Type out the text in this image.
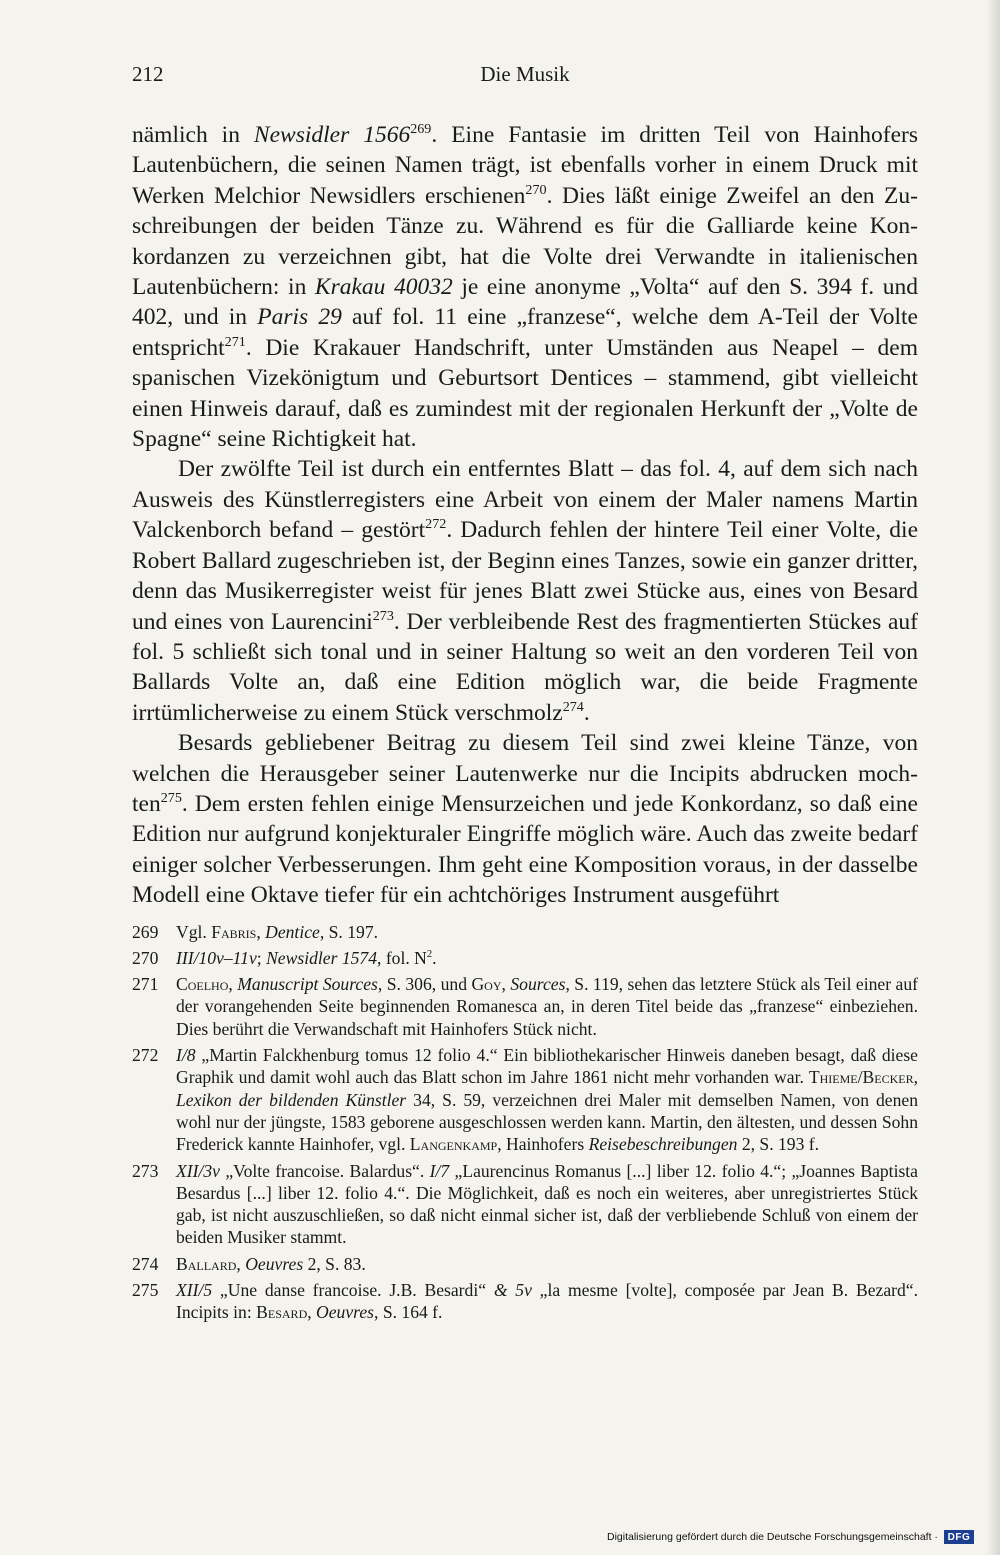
212	Die Musik

nämlich in Newsidler 1566$^{269}$. Eine Fantasie im dritten Teil von Hainhofers Lautenbüchern, die seinen Namen trägt, ist ebenfalls vorher in einem Druck mit Werken Melchior Newsidlers erschienen$^{270}$. Dies läßt einige Zweifel an den Zuschreibungen der beiden Tänze zu. Während es für die Galliarde keine Konkordanzen zu verzeichnen gibt, hat die Volte drei Verwandte in italienischen Lautenbüchern: in Krakau 40032 je eine anonyme „Volta“ auf den S. 394 f. und 402, und in Paris 29 auf fol. 11 eine „franzese“, welche dem A-Teil der Volte entspricht$^{271}$. Die Krakauer Handschrift, unter Umständen aus Neapel – dem spanischen Vizekönigtum und Geburtsort Dentices – stammend, gibt vielleicht einen Hinweis darauf, daß es zumindest mit der regionalen Herkunft der „Volte de Spagne“ seine Richtigkeit hat.

Der zwölfte Teil ist durch ein entferntes Blatt – das fol. 4, auf dem sich nach Ausweis des Künstlerregisters eine Arbeit von einem der Maler namens Martin Valckenborch befand – gestört$^{272}$. Dadurch fehlen der hintere Teil einer Volte, die Robert Ballard zugeschrieben ist, der Beginn eines Tanzes, sowie ein ganzer dritter, denn das Musikerregister weist für jenes Blatt zwei Stücke aus, eines von Besard und eines von Laurencini$^{273}$. Der verbleibende Rest des fragmentierten Stückes auf fol. 5 schließt sich tonal und in seiner Haltung so weit an den vorderen Teil von Ballards Volte an, daß eine Edition möglich war, die beide Fragmente irrtümlicherweise zu einem Stück verschmolz$^{274}$.

Besards gebliebener Beitrag zu diesem Teil sind zwei kleine Tänze, von welchen die Herausgeber seiner Lautenwerke nur die Incipits abdrucken mochten$^{275}$. Dem ersten fehlen einige Mensurzeichen und jede Konkordanz, so daß eine Edition nur aufgrund konjekturaler Eingriffe möglich wäre. Auch das zweite bedarf einiger solcher Verbesserungen. Ihm geht eine Komposition voraus, in der dasselbe Modell eine Oktave tiefer für ein achtchöriges Instrument ausgeführt

269	Vgl. Fabris, Dentice, S. 197.
270	III/10v–11v; Newsidler 1574, fol. $N^2$.
271	Coelho, Manuscript Sources, S. 306, und Goy, Sources, S. 119, sehen das letztere Stück als Teil einer auf der vorangehenden Seite beginnenden Romanesca an, in deren Titel beide das „franzese“ einbeziehen. Dies berührt die Verwandschaft mit Hainhofers Stück nicht.
272	I/8 „Martin Falckhenburg tomus 12 folio 4.“ Ein bibliothekarischer Hinweis daneben besagt, daß diese Graphik und damit wohl auch das Blatt schon im Jahre 1861 nicht mehr vorhanden war. Thieme/Becker, Lexikon der bildenden Künstler 34, S. 59, verzeichnen drei Maler mit demselben Namen, von denen wohl nur der jüngste, 1583 geborene ausgeschlossen werden kann. Martin, den ältesten, und dessen Sohn Frederick kannte Hainhofer, vgl. Langenkamp, Hainhofers Reisebeschreibungen 2, S. 193 f.
273	XII/3v „Volte francoise. Balardus“. I/7 „Laurencinus Romanus [...] liber 12. folio 4.“; „Joannes Baptista Besardus [...] liber 12. folio 4.“. Die Möglichkeit, daß es noch ein weiteres, aber unregistriertes Stück gab, ist nicht auszuschließen, so daß nicht einmal sicher ist, daß der verbliebende Schluß von einem der beiden Musiker stammt.
274	Ballard, Oeuvres 2, S. 83.
275	XII/5 „Une danse francoise. J.B. Besardi“ & 5v „la mesme [volte], composée par Jean B. Bezard“. Incipits in: Besard, Oeuvres, S. 164 f.
Digitalisierung gefördert durch die Deutsche Forschungsgemeinschaft · DFG
